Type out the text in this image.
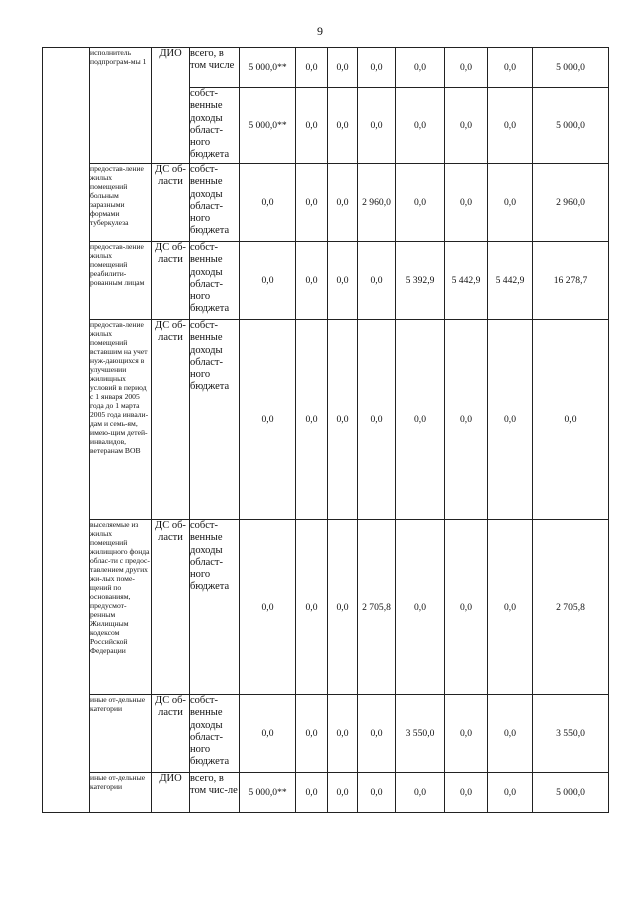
9
	исполнитель подпрограм-мы 1	ДИО	всего, в том числе	5 000,0**	0,0	0,0	0,0	0,0	0,0	0,0	5 000,0
			собст-венные доходы област-ного бюджета	5 000,0**	0,0	0,0	0,0	0,0	0,0	0,0	5 000,0
	предостав-ление жилых помещений больным заразными формами туберкулеза	ДС об-ласти	собст-венные доходы област-ного бюджета	0,0	0,0	0,0	2 960,0	0,0	0,0	0,0	2 960,0
	предостав-ление жилых помещений реабилити-рованным лицам	ДС об-ласти	собст-венные доходы област-ного бюджета	0,0	0,0	0,0	0,0	5 392,9	5 442,9	5 442,9	16 278,7
	предостав-ление жилых помещений вставшим на учет нуж-дающихся в улучшении жилищных условий в период с 1 января 2005 года до 1 марта 2005 года инвали-дам и семь-ям, имею-щим детей-инвалидов, ветеранам ВОВ	ДС об-ласти	собст-венные доходы област-ного бюджета	0,0	0,0	0,0	0,0	0,0	0,0	0,0	0,0
	выселяемые из жилых помещений жилищного фонда облас-ти с предос-тавлением других жи-лых поме-щений по основаниям, предусмот-ренным Жилищным кодексом Российской Федерации	ДС об-ласти	собст-венные доходы област-ного бюджета	0,0	0,0	0,0	2 705,8	0,0	0,0	0,0	2 705,8
	иные от-дельные категории	ДС об-ласти	собст-венные доходы област-ного бюджета	0,0	0,0	0,0	0,0	3 550,0	0,0	0,0	3 550,0
	иные от-дельные категории	ДИО	всего, в том чис-ле	5 000,0**	0,0	0,0	0,0	0,0	0,0	0,0	5 000,0
